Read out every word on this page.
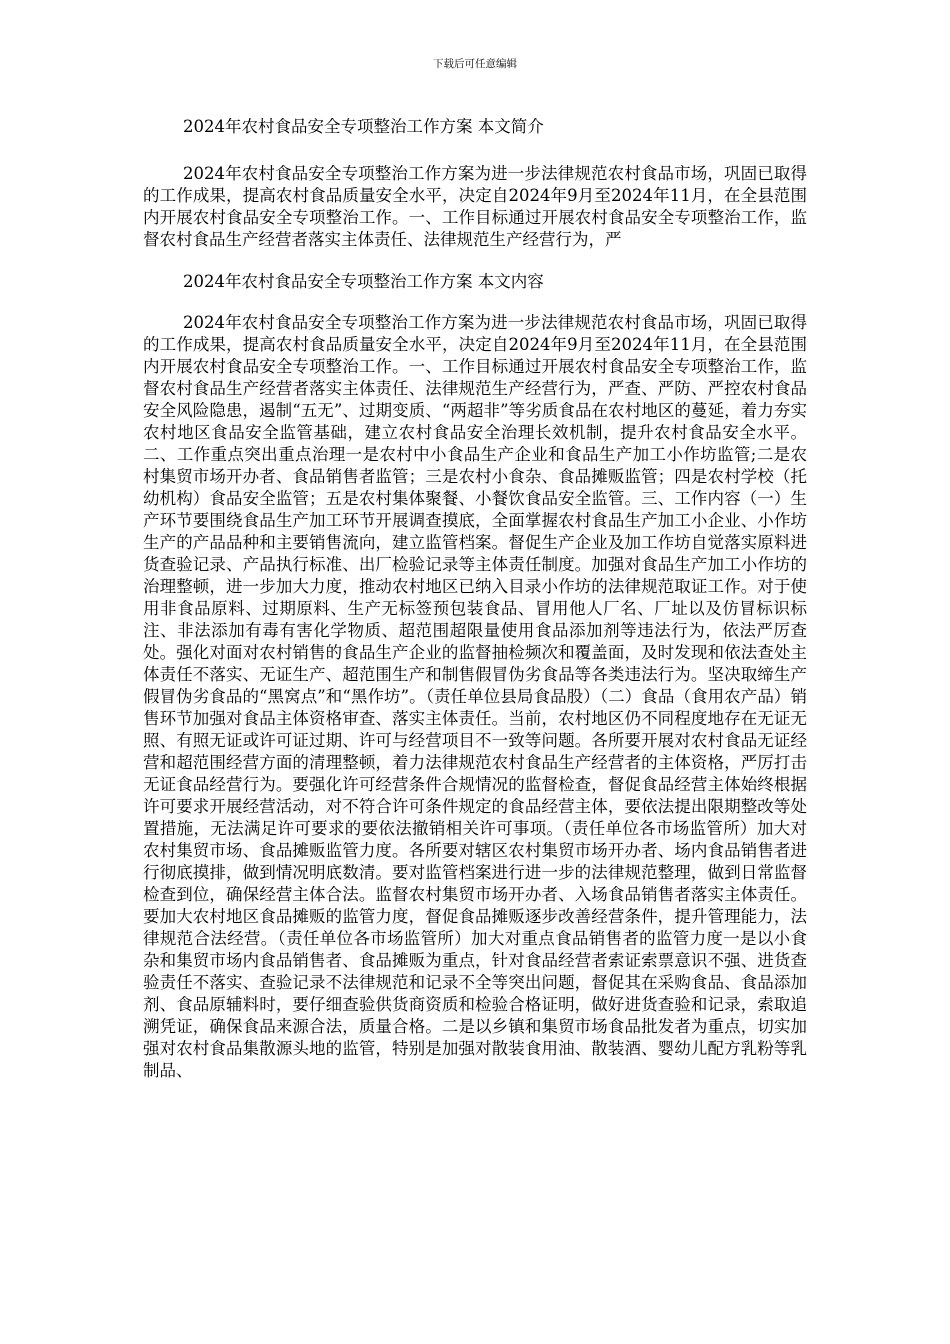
下载后可任意编辑

2024年农村食品安全专项整治工作方案 本文简介

2024年农村食品安全专项整治工作方案为进一步法律规范农村食品市场，巩固已取得的工作成果，提高农村食品质量安全水平，决定自2024年9月至2024年11月，在全县范围内开展农村食品安全专项整治工作。一、工作目标通过开展农村食品安全专项整治工作，监督农村食品生产经营者落实主体责任、法律规范生产经营行为，严

2024年农村食品安全专项整治工作方案 本文内容

2024年农村食品安全专项整治工作方案为进一步法律规范农村食品市场，巩固已取得的工作成果，提高农村食品质量安全水平，决定自2024年9月至2024年11月，在全县范围内开展农村食品安全专项整治工作。一、工作目标通过开展农村食品安全专项整治工作，监督农村食品生产经营者落实主体责任、法律规范生产经营行为，严查、严防、严控农村食品安全风险隐患，遏制“五无”、过期变质、“两超非”等劣质食品在农村地区的蔓延，着力夯实农村地区食品安全监管基础，建立农村食品安全治理长效机制，提升农村食品安全水平。二、工作重点突出重点治理一是农村中小食品生产企业和食品生产加工小作坊监管;二是农村集贸市场开办者、食品销售者监管；三是农村小食杂、食品摊贩监管；四是农村学校（托幼机构）食品安全监管；五是农村集体聚餐、小餐饮食品安全监管。三、工作内容（一）生产环节要围绕食品生产加工环节开展调查摸底，全面掌握农村食品生产加工小企业、小作坊生产的产品品种和主要销售流向，建立监管档案。督促生产企业及加工作坊自觉落实原料进货查验记录、产品执行标准、出厂检验记录等主体责任制度。加强对食品生产加工小作坊的治理整顿，进一步加大力度，推动农村地区已纳入目录小作坊的法律规范取证工作。对于使用非食品原料、过期原料、生产无标签预包装食品、冒用他人厂名、厂址以及仿冒标识标注、非法添加有毒有害化学物质、超范围超限量使用食品添加剂等违法行为，依法严厉查处。强化对面对农村销售的食品生产企业的监督抽检频次和覆盖面，及时发现和依法查处主体责任不落实、无证生产、超范围生产和制售假冒伪劣食品等各类违法行为。坚决取缔生产假冒伪劣食品的“黑窝点”和“黑作坊”。（责任单位县局食品股）（二）食品（食用农产品）销售环节加强对食品主体资格审查、落实主体责任。当前，农村地区仍不同程度地存在无证无照、有照无证或许可证过期、许可与经营项目不一致等问题。各所要开展对农村食品无证经营和超范围经营方面的清理整顿，着力法律规范农村食品生产经营者的主体资格，严厉打击无证食品经营行为。要强化许可经营条件合规情况的监督检查，督促食品经营主体始终根据许可要求开展经营活动，对不符合许可条件规定的食品经营主体，要依法提出限期整改等处置措施，无法满足许可要求的要依法撤销相关许可事项。（责任单位各市场监管所）加大对农村集贸市场、食品摊贩监管力度。各所要对辖区农村集贸市场开办者、场内食品销售者进行彻底摸排，做到情况明底数清。要对监管档案进行进一步的法律规范整理，做到日常监督检查到位，确保经营主体合法。监督农村集贸市场开办者、入场食品销售者落实主体责任。要加大农村地区食品摊贩的监管力度，督促食品摊贩逐步改善经营条件，提升管理能力，法律规范合法经营。（责任单位各市场监管所）加大对重点食品销售者的监管力度一是以小食杂和集贸市场内食品销售者、食品摊贩为重点，针对食品经营者索证索票意识不强、进货查验责任不落实、查验记录不法律规范和记录不全等突出问题，督促其在采购食品、食品添加剂、食品原辅料时，要仔细查验供货商资质和检验合格证明，做好进货查验和记录，索取追溯凭证，确保食品来源合法，质量合格。二是以乡镇和集贸市场食品批发者为重点，切实加强对农村食品集散源头地的监管，特别是加强对散装食用油、散装酒、婴幼儿配方乳粉等乳制品、
